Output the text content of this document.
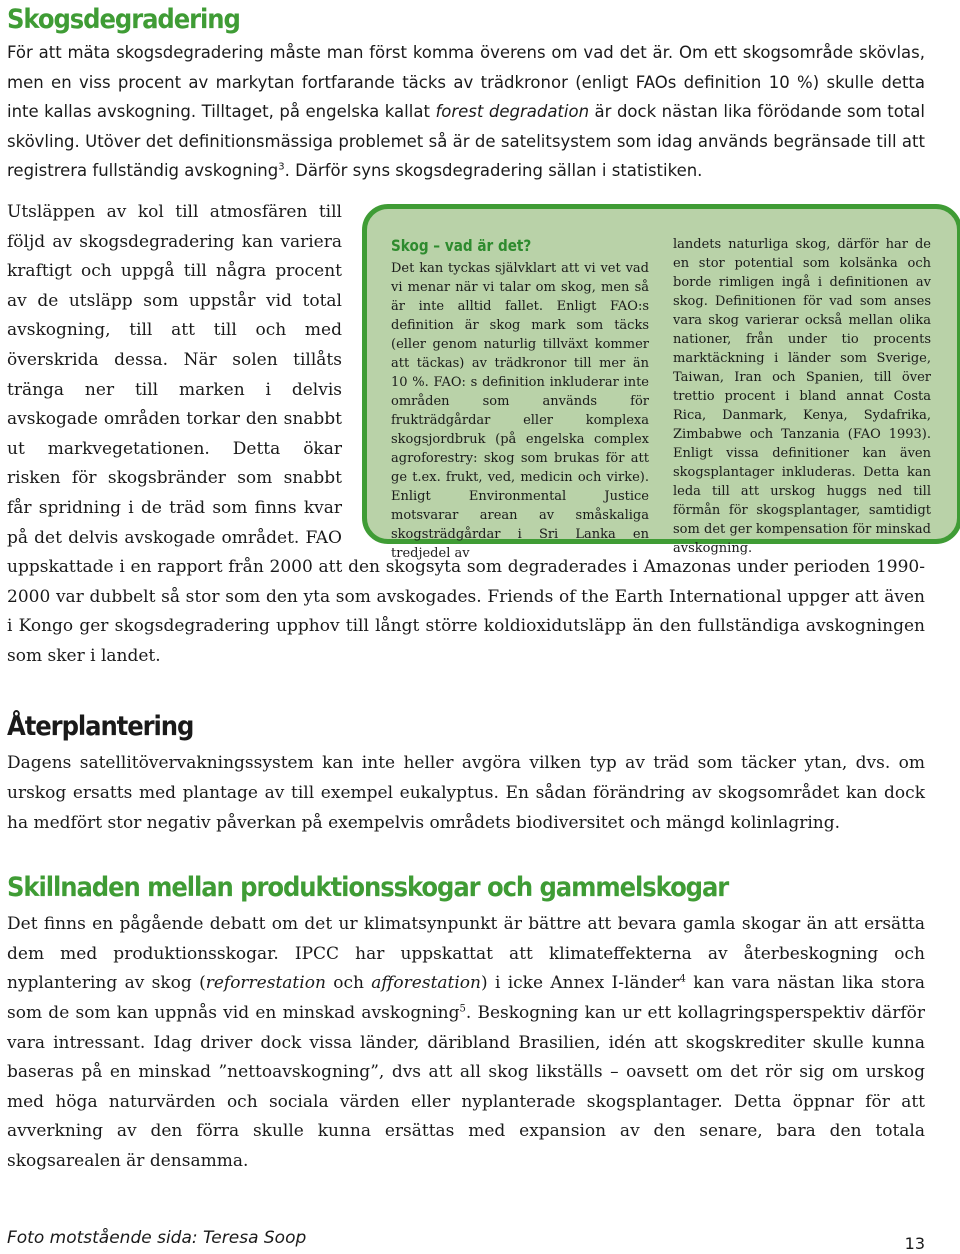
Skogsdegradering

För att mäta skogsdegradering måste man först komma överens om vad det är. Om ett skogsområde skövlas, men en viss procent av markytan fortfarande täcks av trädkronor (enligt FAOs definition 10 %) skulle detta inte kallas avskogning. Tilltaget, på engelska kallat forest degradation är dock nästan lika förödande som total skövling. Utöver det definitionsmässiga problemet så är de satelitsystem som idag används begränsade till att registrera fullständig avskogning$^3$. Därför syns skogsdegradering sällan i statistiken.

Skog – vad är det?
Det kan tyckas självklart att vi vet vad vi menar när vi talar om skog, men så är inte alltid fallet. Enligt FAO:s definition är skog mark som täcks (eller genom naturlig tillväxt kommer att täckas) av trädkronor till mer än 10 %. FAO: s definition inkluderar inte områden som används för frukträdgårdar eller komplexa skogsjordbruk (på engelska complex agroforestry: skog som brukas för att ge t.ex. frukt, ved, medicin och virke). Enligt Environmental Justice motsvarar arean av småskaliga skogsträdgårdar i Sri Lanka en tredjedel av
landets naturliga skog, därför har de en stor potential som kolsänka och borde rimligen ingå i definitionen av skog. Definitionen för vad som anses vara skog varierar också mellan olika nationer, från under tio procents marktäckning i länder som Sverige, Taiwan, Iran och Spanien, till över trettio procent i bland annat Costa Rica, Danmark, Kenya, Sydafrika, Zimbabwe och Tanzania (FAO 1993). Enligt vissa definitioner kan även skogsplantager inkluderas. Detta kan leda till att urskog huggs ned till förmån för skogsplantager, samtidigt som det ger kompensation för minskad avskogning.
Utsläppen av kol till atmosfären till följd av skogsdegradering kan variera kraftigt och uppgå till några procent av de utsläpp som uppstår vid total avskogning, till att till och med överskrida dessa. När solen tillåts tränga ner till marken i delvis avskogade områden torkar den snabbt ut markvegetationen. Detta ökar risken för skogsbränder som snabbt får spridning i de träd som finns kvar på det delvis avskogade området. FAO uppskattade i en rapport från 2000 att den skogsyta som degraderades i Amazonas under perioden 1990-2000 var dubbelt så stor som den yta som avskogades. Friends of the Earth International uppger att även i Kongo ger skogsdegradering upphov till långt större koldioxidutsläpp än den fullständiga avskogningen som sker i landet.

Återplantering

Dagens satellitövervakningssystem kan inte heller avgöra vilken typ av träd som täcker ytan, dvs. om urskog ersatts med plantage av till exempel eukalyptus. En sådan förändring av skogsområdet kan dock ha medfört stor negativ påverkan på exempelvis områdets biodiversitet och mängd kolinlagring.

Skillnaden mellan produktionsskogar och gammelskogar

Det finns en pågående debatt om det ur klimatsynpunkt är bättre att bevara gamla skogar än att ersätta dem med produktionsskogar. IPCC har uppskattat att klimateffekterna av återbeskogning och nyplantering av skog (reforrestation och afforestation) i icke Annex I-länder$^4$ kan vara nästan lika stora som de som kan uppnås vid en minskad avskogning$^5$. Beskogning kan ur ett kollagringsperspektiv därför vara intressant. Idag driver dock vissa länder, däribland Brasilien, idén att skogskrediter skulle kunna baseras på en minskad ”nettoavskogning”, dvs att all skog likställs – oavsett om det rör sig om urskog med höga naturvärden och sociala värden eller nyplanterade skogsplantager. Detta öppnar för att avverkning av den förra skulle kunna ersättas med expansion av den senare, bara den totala skogsarealen är densamma.

Foto motstående sida: Teresa Soop	13
